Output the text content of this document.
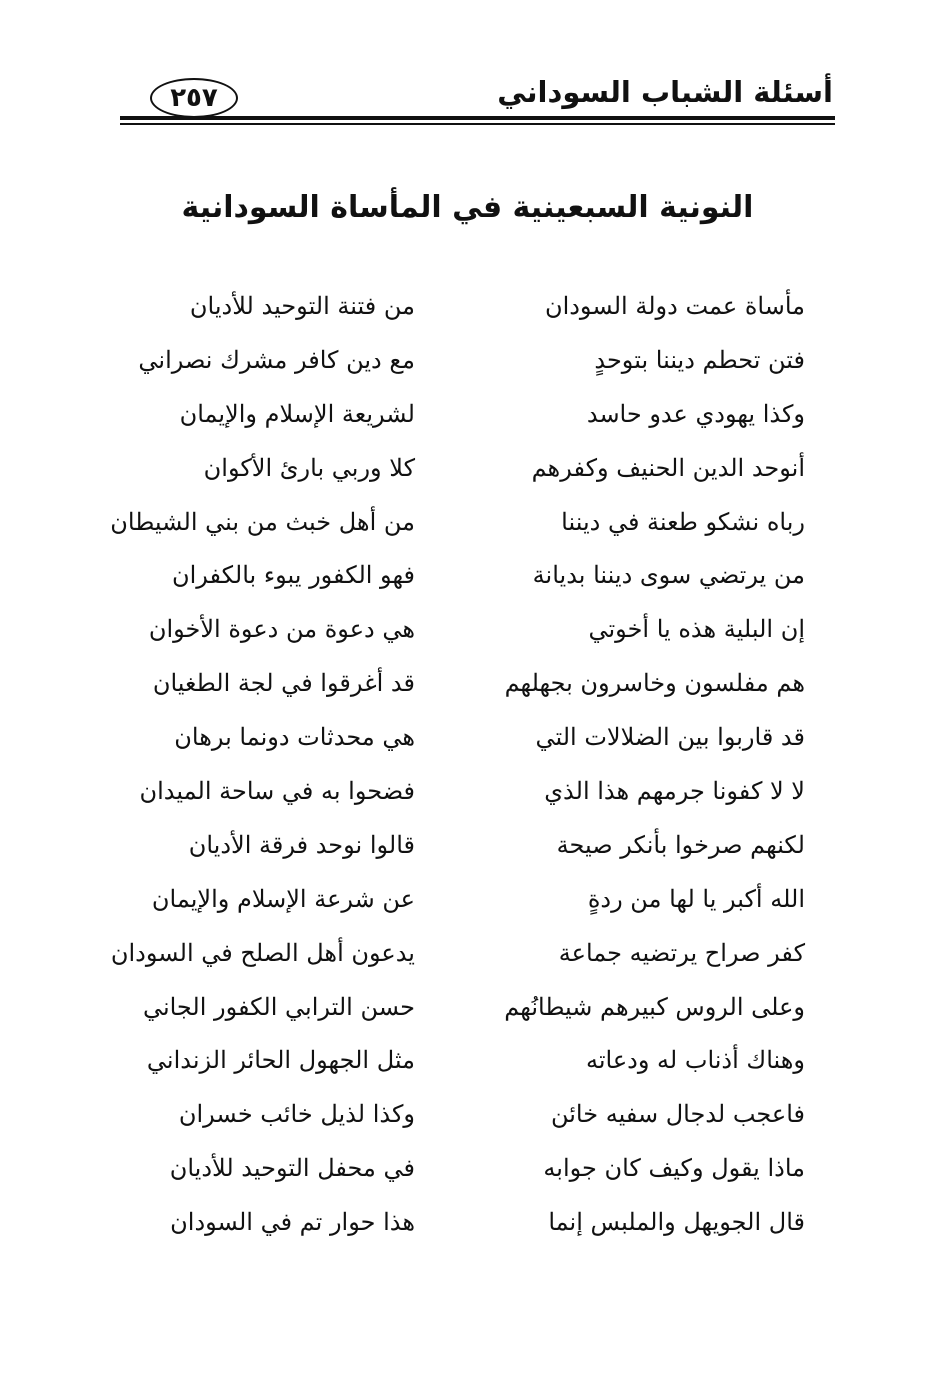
أسئلة الشباب السوداني
٢٥٧
النونية السبعينية في المأساة السودانية
مأساة عمت دولة السودان
من فتنة التوحيد للأديان
فتن تحطم ديننا بتوحدٍ
مع دين كافر مشرك نصراني
وكذا يهودي عدو حاسد
لشريعة الإسلام والإيمان
أنوحد الدين الحنيف وكفرهم
كلا وربي بارئ الأكوان
رباه نشكو طعنة في ديننا
من أهل خبث من بني الشيطان
من يرتضي سوى ديننا بديانة
فهو الكفور يبوء بالكفران
إن البلية هذه يا أخوتي
هي دعوة من دعوة الأخوان
هم مفلسون وخاسرون بجهلهم
قد أغرقوا في لجة الطغيان
قد قاربوا بين الضلالات التي
هي محدثات دونما برهان
لا لا كفونا جرمهم هذا الذي
فضحوا به في ساحة الميدان
لكنهم صرخوا بأنكر صيحة
قالوا نوحد فرقة الأديان
الله أكبر يا لها من ردةٍ
عن شرعة الإسلام والإيمان
كفر صراح يرتضيه جماعة
يدعون أهل الصلح في السودان
وعلى الروس كبيرهم شيطانُهم
حسن الترابي الكفور الجاني
وهناك أذناب له ودعاته
مثل الجهول الحائر الزنداني
فاعجب لدجال سفيه خائن
وكذا لذيل خائب خسران
ماذا يقول وكيف كان جوابه
في محفل التوحيد للأديان
قال الجويهل والملبس إنما
هذا حوار تم في السودان
